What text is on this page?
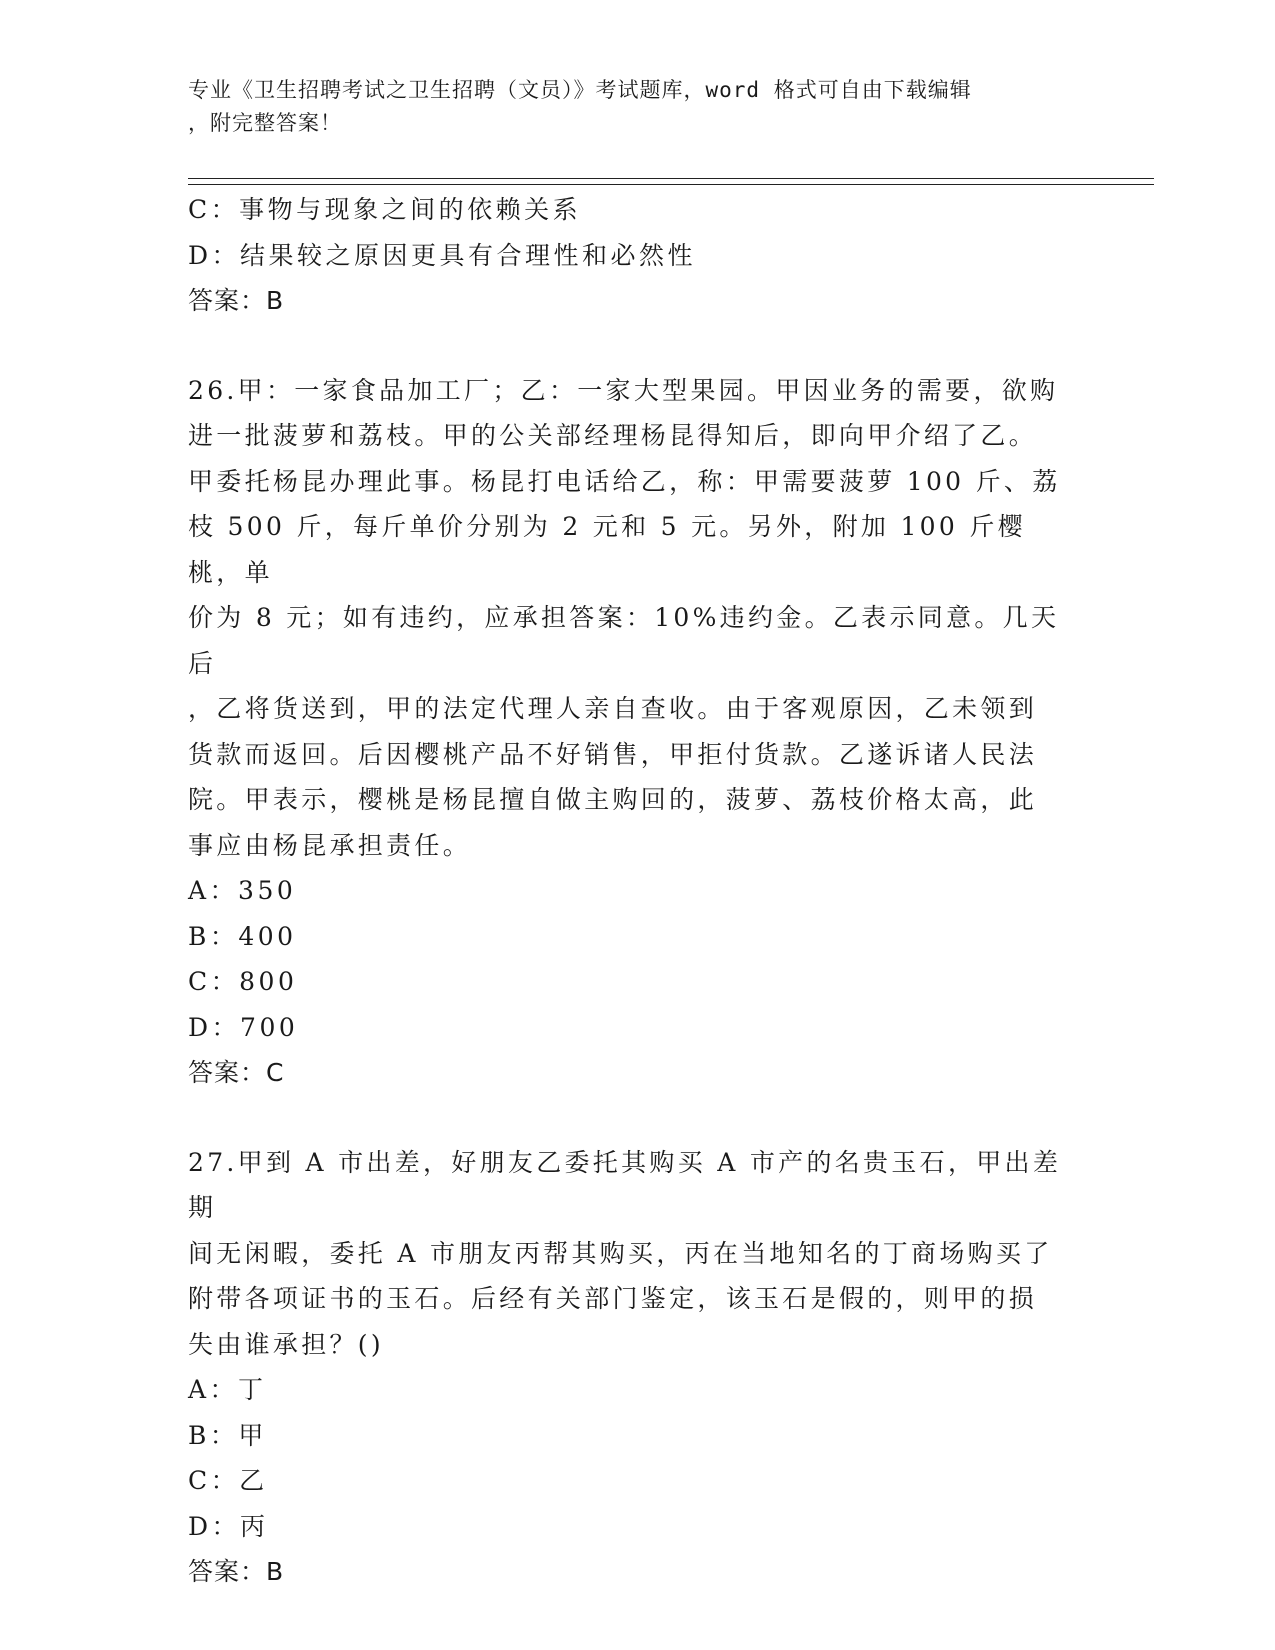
专业《卫生招聘考试之卫生招聘（文员）》考试题库，word 格式可自由下载编辑
，附完整答案！
C：事物与现象之间的依赖关系
D：结果较之原因更具有合理性和必然性
答案：B
26.甲：一家食品加工厂；乙：一家大型果园。甲因业务的需要，欲购
进一批菠萝和荔枝。甲的公关部经理杨昆得知后，即向甲介绍了乙。
甲委托杨昆办理此事。杨昆打电话给乙，称：甲需要菠萝 100 斤、荔
枝 500 斤，每斤单价分别为 2 元和 5 元。另外，附加 100 斤樱桃，单
价为 8 元；如有违约，应承担答案：10%违约金。乙表示同意。几天后
，乙将货送到，甲的法定代理人亲自查收。由于客观原因，乙未领到
货款而返回。后因樱桃产品不好销售，甲拒付货款。乙遂诉诸人民法
院。甲表示，樱桃是杨昆擅自做主购回的，菠萝、荔枝价格太高，此
事应由杨昆承担责任。
A：350
B：400
C：800
D：700
答案：C
27.甲到 A 市出差，好朋友乙委托其购买 A 市产的名贵玉石，甲出差期
间无闲暇，委托 A 市朋友丙帮其购买，丙在当地知名的丁商场购买了
附带各项证书的玉石。后经有关部门鉴定，该玉石是假的，则甲的损
失由谁承担？()
A：丁
B：甲
C：乙
D：丙
答案：B
